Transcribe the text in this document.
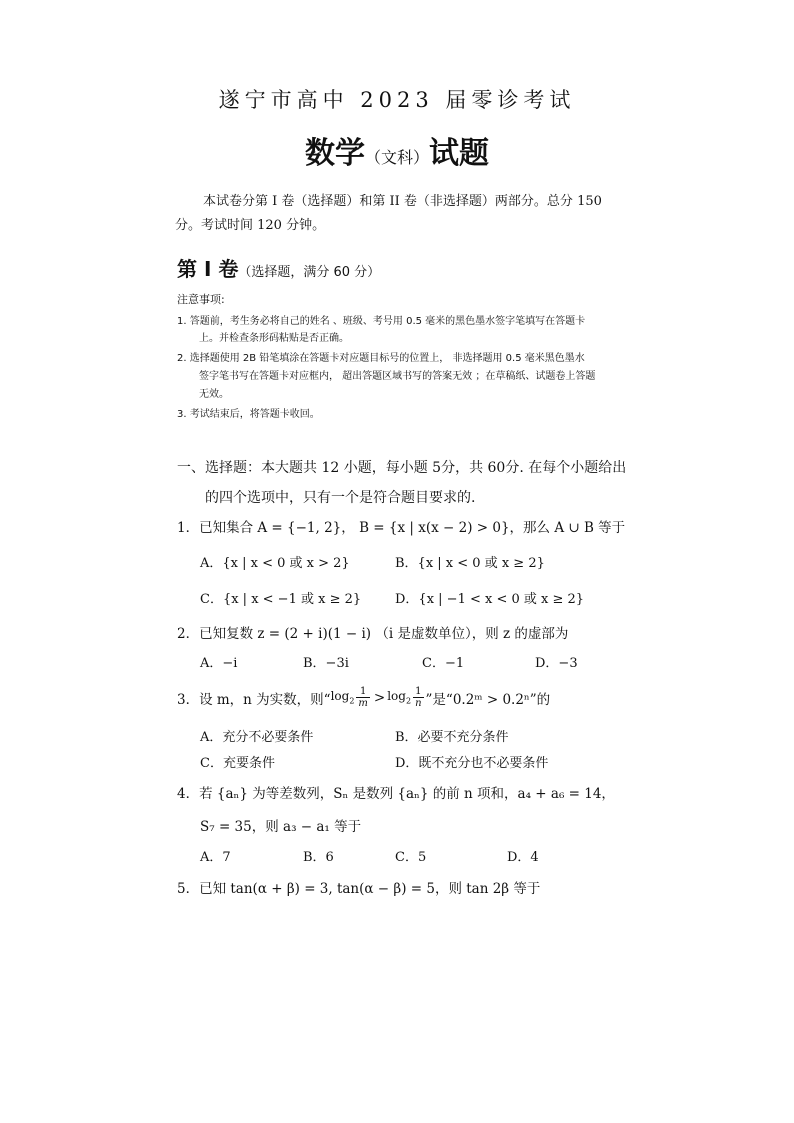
遂宁市高中 2023 届零诊考试
数学（文科）试题

本试卷分第 I 卷（选择题）和第 II 卷（非选择题）两部分。总分 150 分。考试时间 120 分钟。

第 Ⅰ 卷（选择题，满分 60 分）
注意事项:
1. 答题前，考生务必将自己的姓名 、班级、考号用 0.5 毫米的黑色墨水签字笔填写在答题卡
上。并检查条形码粘贴是否正确。
2. 选择题使用 2B 铅笔填涂在答题卡对应题目标号的位置上， 非选择题用 0.5 毫米黑色墨水
签字笔书写在答题卡对应框内， 超出答题区域书写的答案无效 ；在草稿纸、试题卷上答题
无效。
3. 考试结束后，将答题卡收回。
一、选择题：本大题共 12 小题，每小题 5分，共 60分. 在每个小题给出
的四个选项中，只有一个是符合题目要求的.
1．已知集合 A = {−1, 2}， B = {x | x(x − 2) > 0}，那么 A ∪ B 等于
A．{x | x < 0 或 x > 2}	B．{x | x < 0 或 x ≥ 2}
C．{x | x < −1 或 x ≥ 2}	D．{x | −1 < x < 0 或 x ≥ 2}
2．已知复数 z = (2 + i)(1 − i) （i 是虚数单位），则 z 的虚部为
A．−i	B．−3i	C．−1	D．−3
3．设 m，n 为实数，则“ $\log_2 \frac{1}{m} > \log_2 \frac{1}{n}$ ”是“0.2ᵐ > 0.2ⁿ”的
A．充分不必要条件	B．必要不充分条件
C．充要条件	D．既不充分也不必要条件
4．若 {aₙ} 为等差数列，Sₙ 是数列 {aₙ} 的前 n 项和，a₄ + a₆ = 14，
S₇ = 35，则 a₃ − a₁ 等于
A．7	B．6	C．5	D．4
5．已知 tan(α + β) = 3, tan(α − β) = 5，则 tan 2β 等于
